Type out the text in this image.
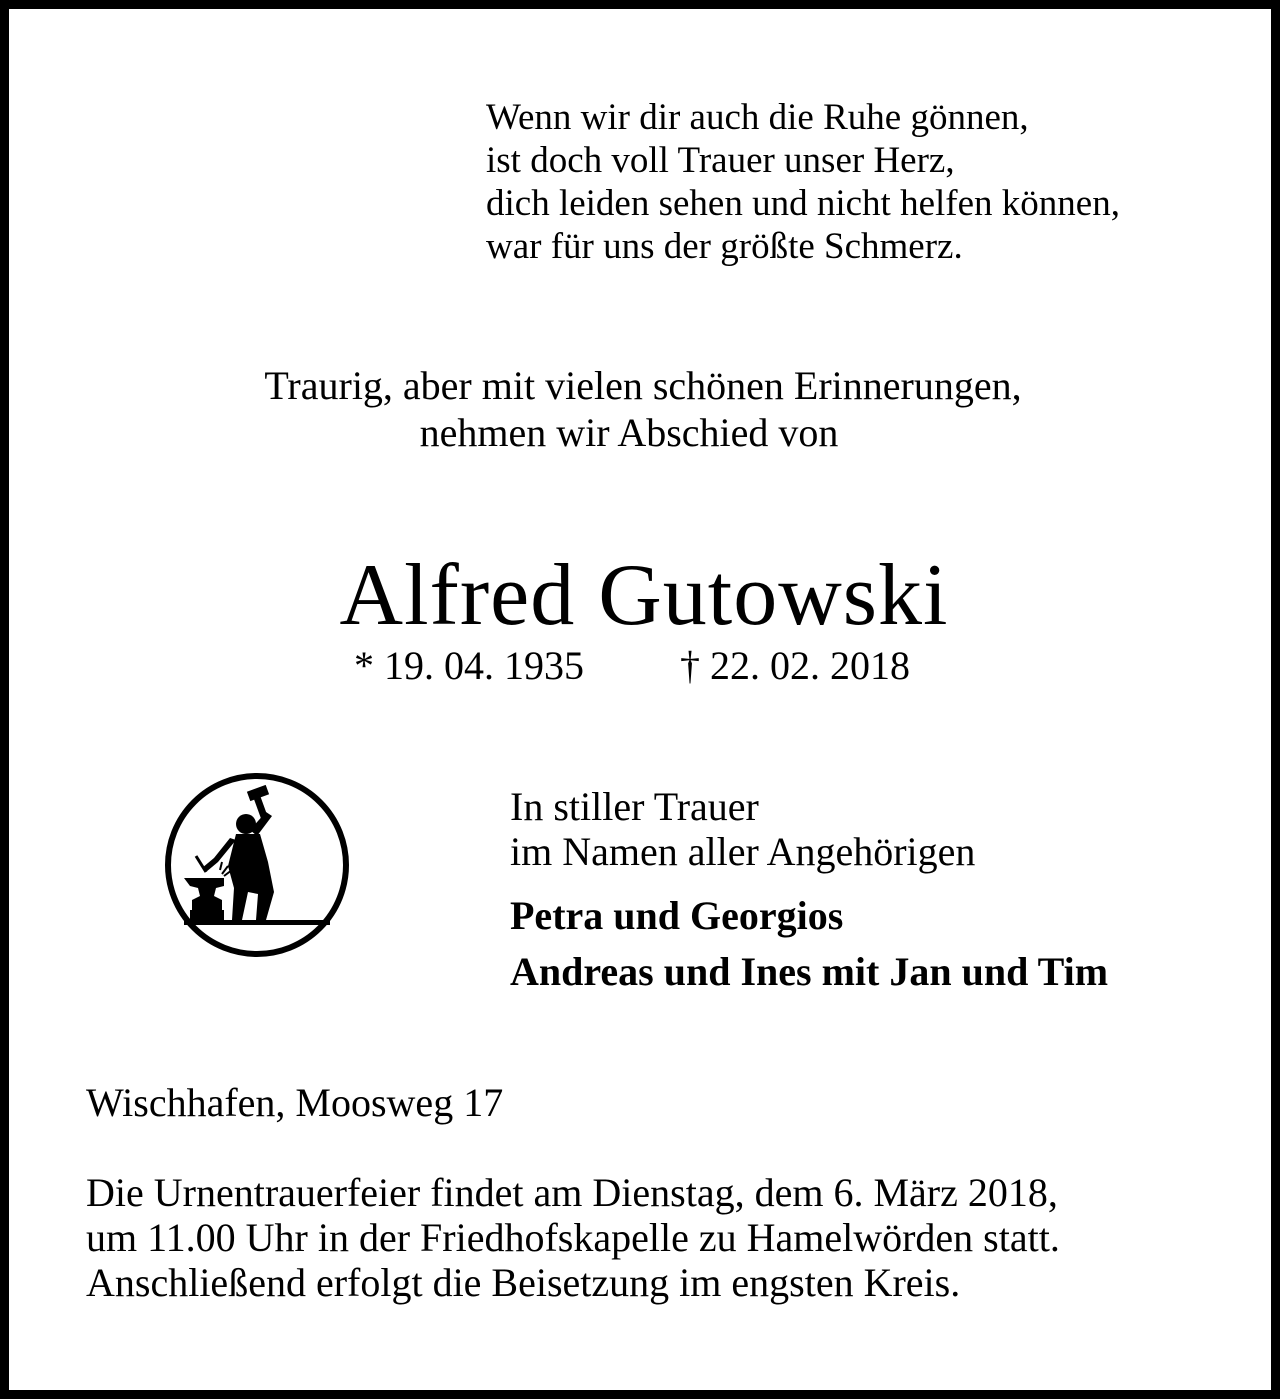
Wenn wir dir auch die Ruhe gönnen,
ist doch voll Trauer unser Herz,
dich leiden sehen und nicht helfen können,
war für uns der größte Schmerz.
Traurig, aber mit vielen schönen Erinnerungen,
nehmen wir Abschied von
Alfred Gutowski
* 19. 04. 1935 † 22. 02. 2018
In stiller Trauer
im Namen aller Angehörigen
Petra und Georgios
Andreas und Ines mit Jan und Tim
Wischhafen, Moosweg 17
Die Urnentrauerfeier findet am Dienstag, dem 6. März 2018,
um 11.00 Uhr in der Friedhofskapelle zu Hamelwörden statt.
Anschließend erfolgt die Beisetzung im engsten Kreis.
